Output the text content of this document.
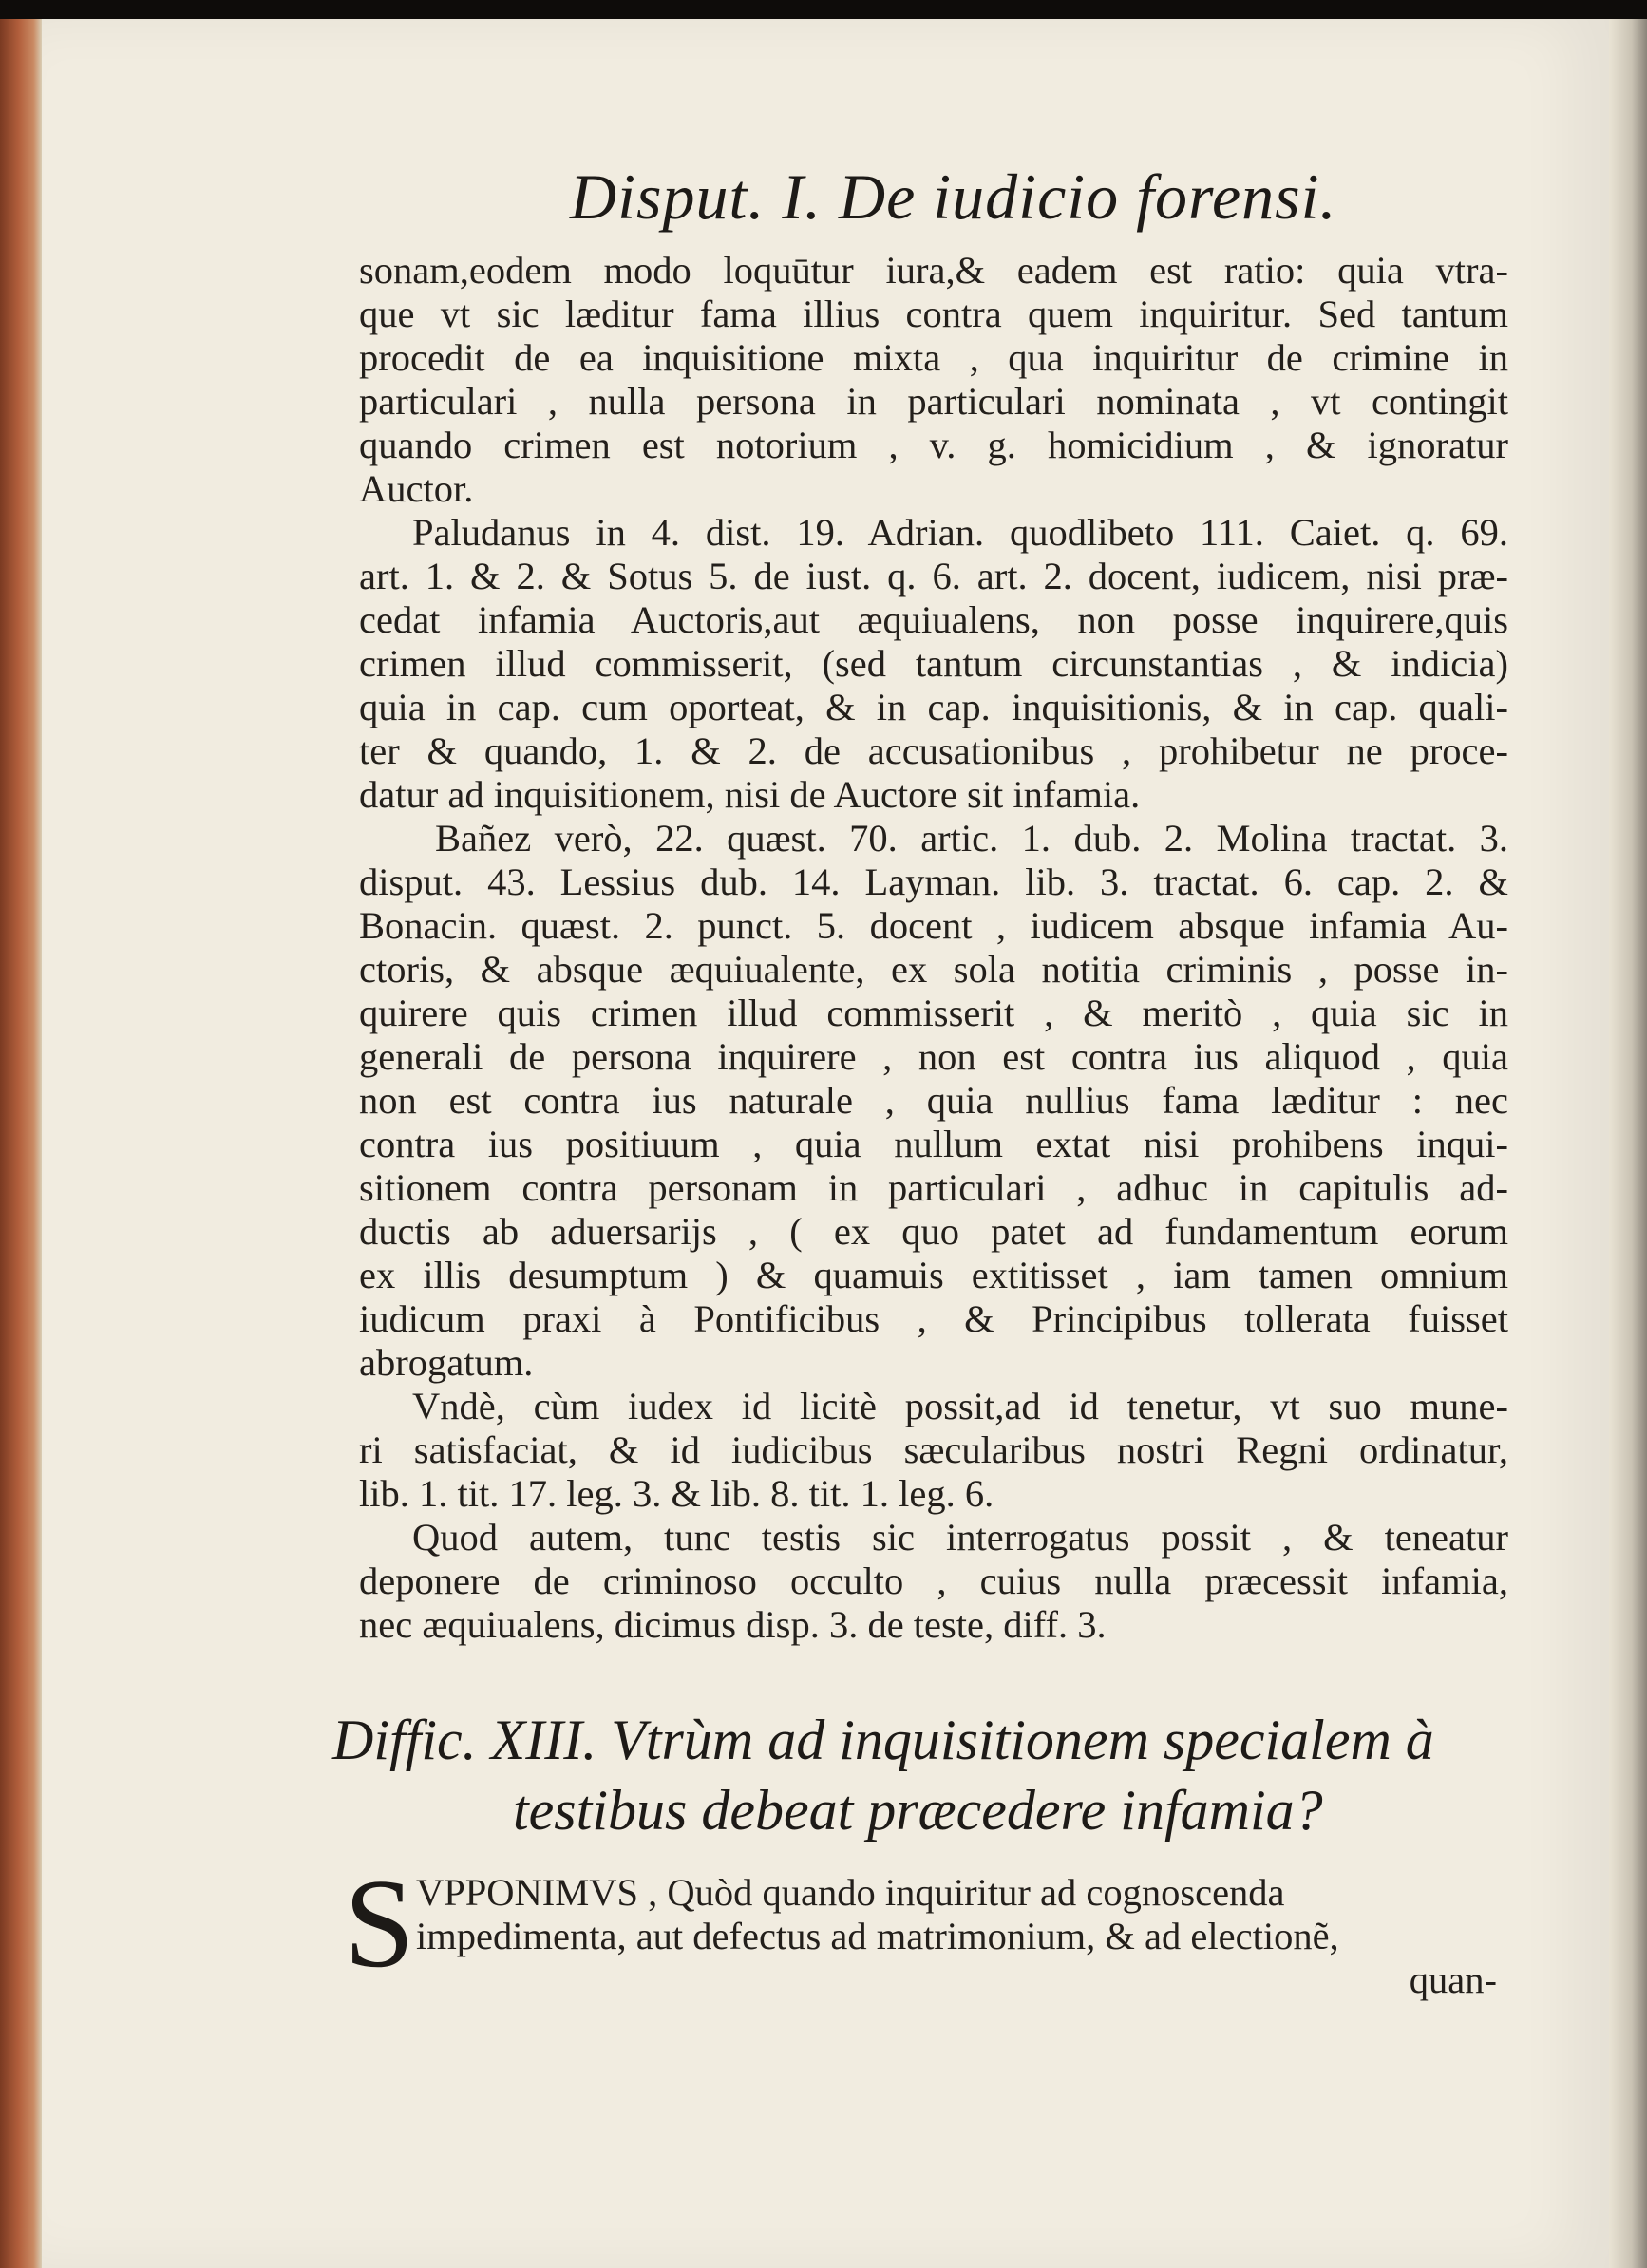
Disput. I. De iudicio forensi.
sonam,eodem modo loquūtur iura,& eadem est ratio: quia vtra-
que vt sic læditur fama illius contra quem inquiritur. Sed tantum
procedit de ea inquisitione mixta , qua inquiritur de crimine in
particulari , nulla persona in particulari nominata , vt contingit
quando crimen est notorium , v. g. homicidium , & ignoratur
Auctor.
Paludanus in 4. dist. 19. Adrian. quodlibeto 111. Caiet. q. 69.
art. 1. & 2. & Sotus 5. de iust. q. 6. art. 2. docent, iudicem, nisi præ-
cedat infamia Auctoris,aut æquiualens, non posse inquirere,quis
crimen illud commisserit, (sed tantum circunstantias , & indicia)
quia in cap. cum oporteat, & in cap. inquisitionis, & in cap. quali-
ter & quando, 1. & 2. de accusationibus , prohibetur ne proce-
datur ad inquisitionem, nisi de Auctore sit infamia.
Bañez verò, 22. quæst. 70. artic. 1. dub. 2. Molina tractat. 3.
disput. 43. Lessius dub. 14. Layman. lib. 3. tractat. 6. cap. 2. &
Bonacin. quæst. 2. punct. 5. docent , iudicem absque infamia Au-
ctoris, & absque æquiualente, ex sola notitia criminis , posse in-
quirere quis crimen illud commisserit , & meritò , quia sic in
generali de persona inquirere , non est contra ius aliquod , quia
non est contra ius naturale , quia nullius fama læditur : nec
contra ius positiuum , quia nullum extat nisi prohibens inqui-
sitionem contra personam in particulari , adhuc in capitulis ad-
ductis ab aduersarijs , ( ex quo patet ad fundamentum eorum
ex illis desumptum ) & quamuis extitisset , iam tamen omnium
iudicum praxi à Pontificibus , & Principibus tollerata fuisset
abrogatum.
Vndè, cùm iudex id licitè possit,ad id tenetur, vt suo mune-
ri satisfaciat, & id iudicibus sæcularibus nostri Regni ordinatur,
lib. 1. tit. 17. leg. 3. & lib. 8. tit. 1. leg. 6.
Quod autem, tunc testis sic interrogatus possit , & teneatur
deponere de criminoso occulto , cuius nulla præcessit infamia,
nec æquiualens, dicimus disp. 3. de teste, diff. 3.
Diffic. XIII. Vtrùm ad inquisitionem specialem à
testibus debeat præcedere infamia?
S VPPONIMVS , Quòd quando inquiritur ad cognoscenda
impedimenta, aut defectus ad matrimonium, & ad electionẽ,
quan-
